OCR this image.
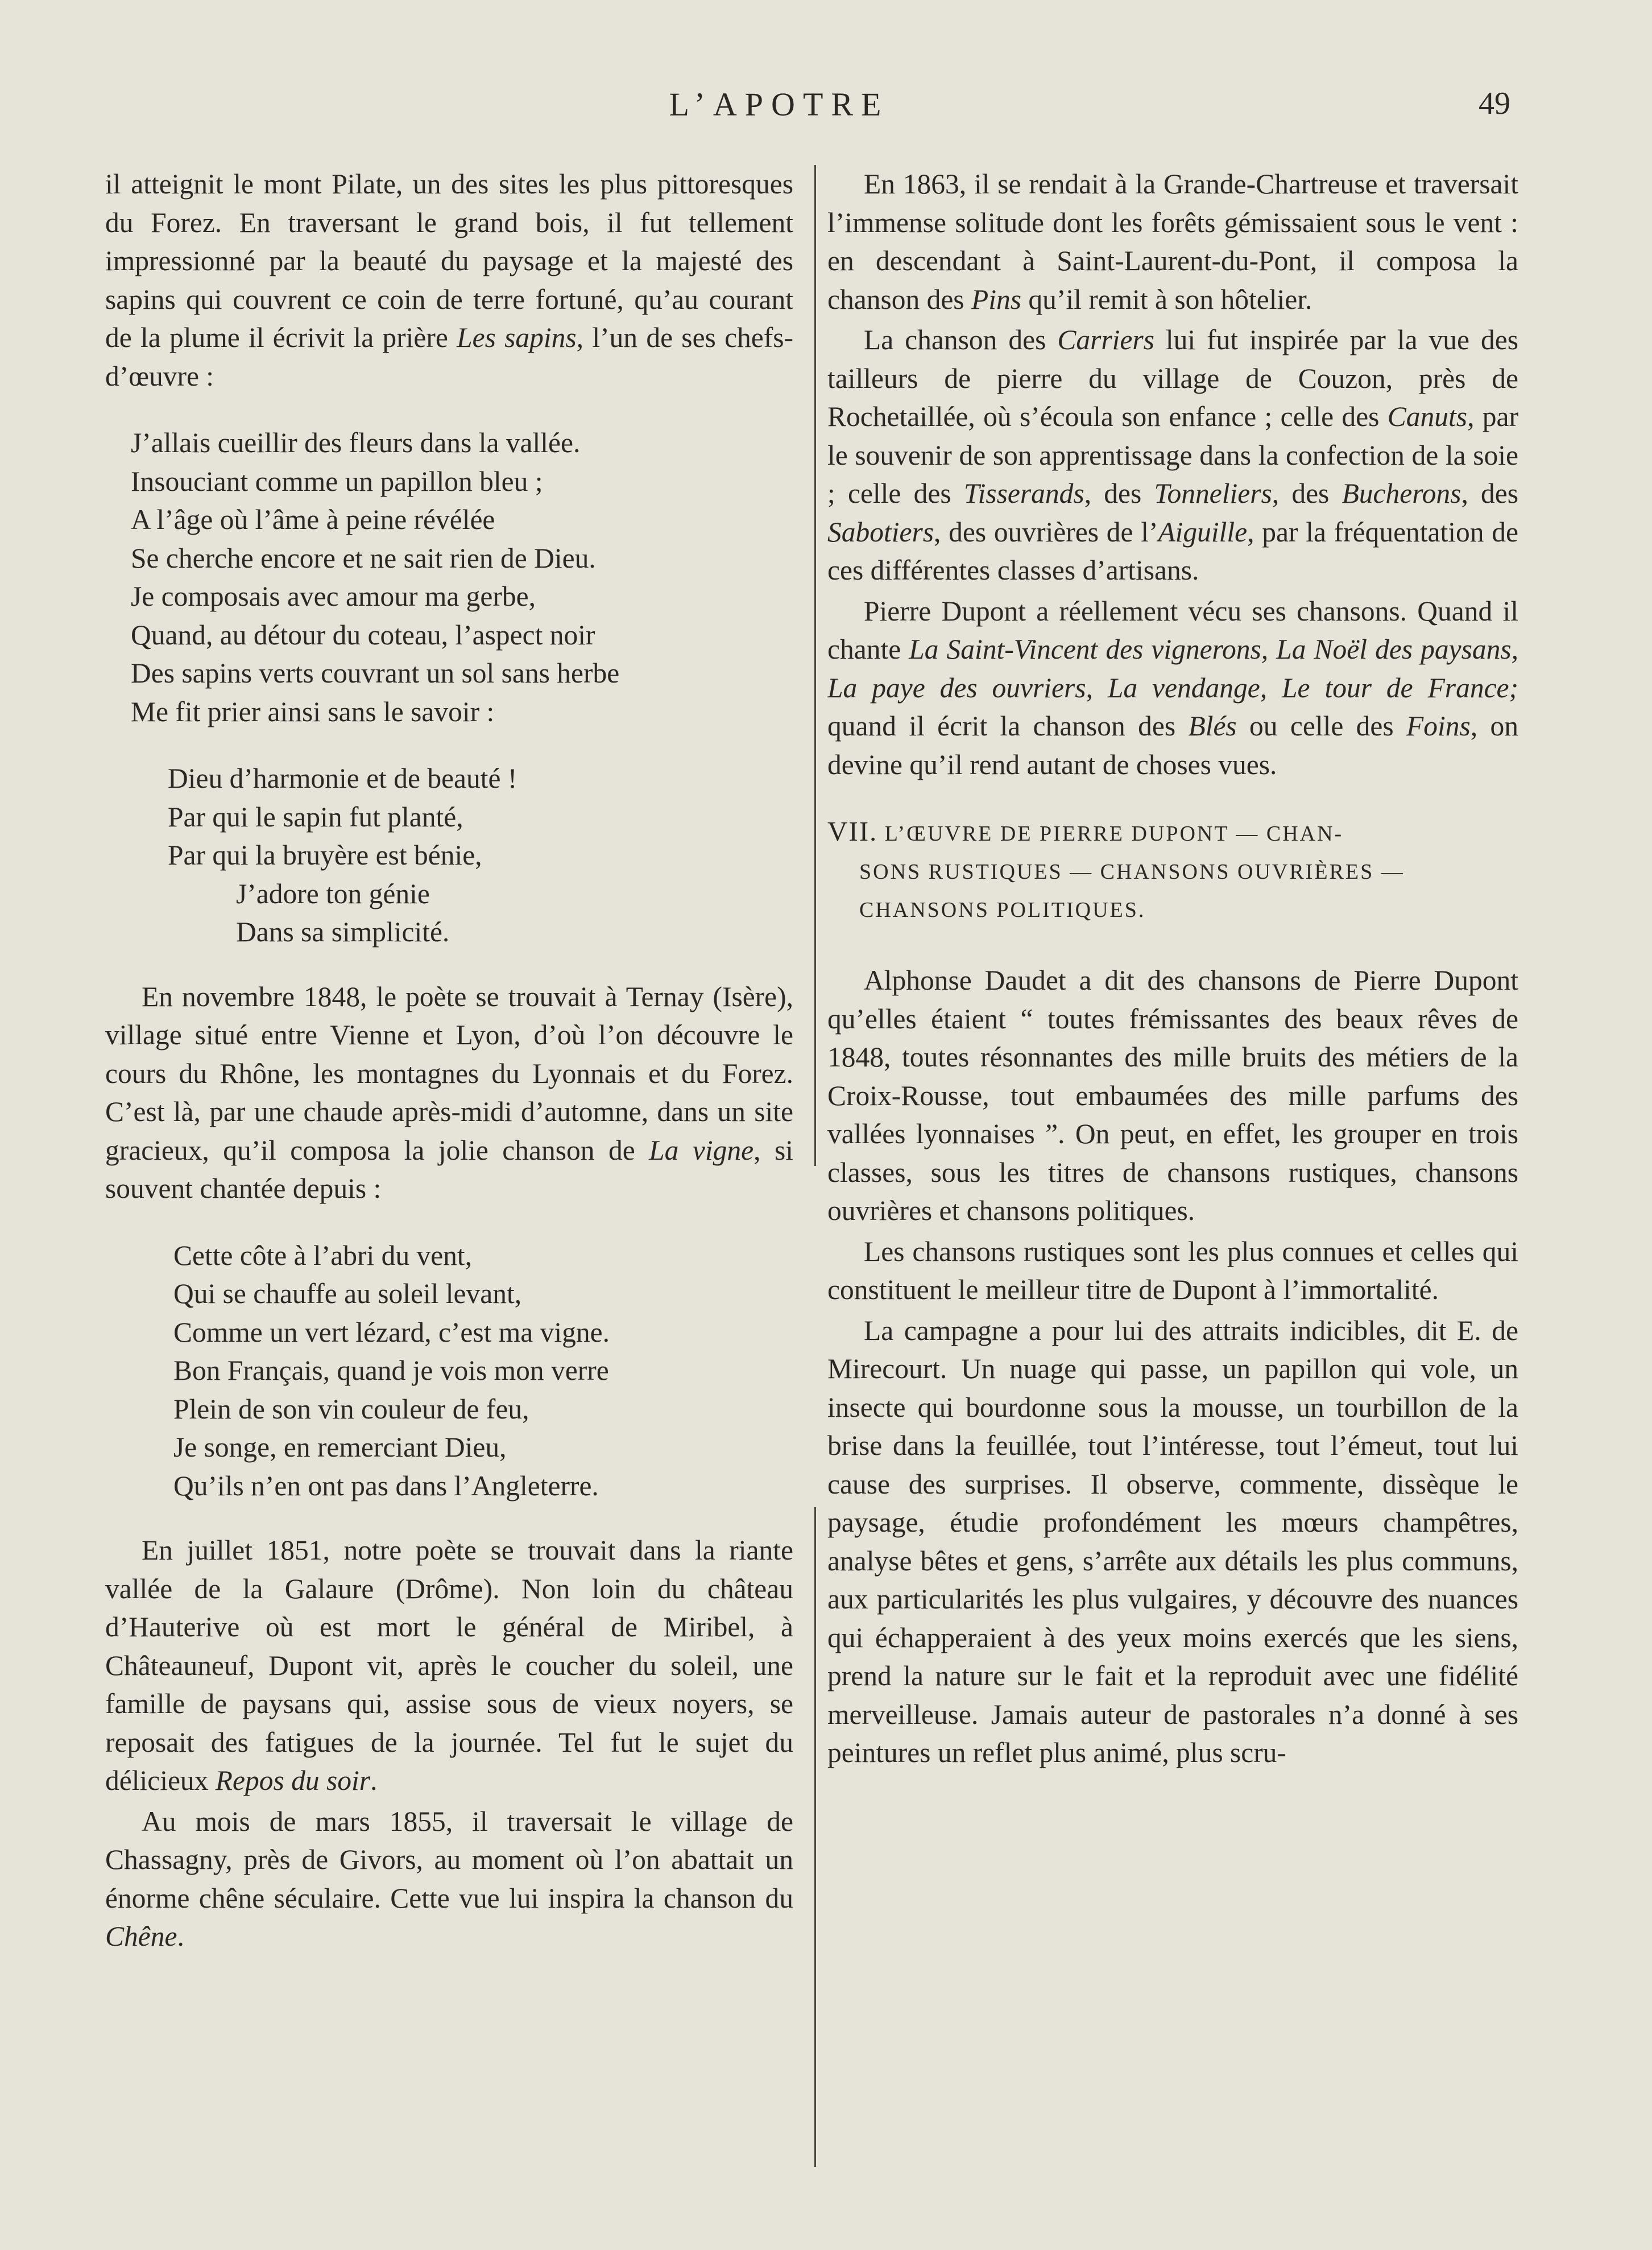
L’APOTRE	49

il atteignit le mont Pilate, un des sites les plus pittoresques du Forez. En traversant le grand bois, il fut tellement impressionné par la beauté du paysage et la majesté des sapins qui couvrent ce coin de terre fortuné, qu’au courant de la plume il écrivit la prière Les sapins, l’un de ses chefs-d’œuvre :

J’allais cueillir des fleurs dans la vallée.
Insouciant comme un papillon bleu ;
A l’âge où l’âme à peine révélée
Se cherche encore et ne sait rien de Dieu.
Je composais avec amour ma gerbe,
Quand, au détour du coteau, l’aspect noir
Des sapins verts couvrant un sol sans herbe
Me fit prier ainsi sans le savoir :
Dieu d’harmonie et de beauté !
Par qui le sapin fut planté,
Par qui la bruyère est bénie,
J’adore ton génie
Dans sa simplicité.

En novembre 1848, le poète se trouvait à Ternay (Isère), village situé entre Vienne et Lyon, d’où l’on découvre le cours du Rhône, les montagnes du Lyonnais et du Forez. C’est là, par une chaude après-midi d’automne, dans un site gracieux, qu’il composa la jolie chanson de La vigne, si souvent chantée depuis :

Cette côte à l’abri du vent,
Qui se chauffe au soleil levant,
Comme un vert lézard, c’est ma vigne.
Bon Français, quand je vois mon verre
Plein de son vin couleur de feu,
Je songe, en remerciant Dieu,
Qu’ils n’en ont pas dans l’Angleterre.

En juillet 1851, notre poète se trouvait dans la riante vallée de la Galaure (Drôme). Non loin du château d’Hauterive où est mort le général de Miribel, à Châteauneuf, Dupont vit, après le coucher du soleil, une famille de paysans qui, assise sous de vieux noyers, se reposait des fatigues de la journée. Tel fut le sujet du délicieux Repos du soir.

Au mois de mars 1855, il traversait le village de Chassagny, près de Givors, au moment où l’on abattait un énorme chêne séculaire. Cette vue lui inspira la chanson du Chêne.

En 1863, il se rendait à la Grande-Chartreuse et traversait l’immense solitude dont les forêts gémissaient sous le vent : en descendant à Saint-Laurent-du-Pont, il composa la chanson des Pins qu’il remit à son hôtelier.

La chanson des Carriers lui fut inspirée par la vue des tailleurs de pierre du village de Couzon, près de Rochetaillée, où s’écoula son enfance ; celle des Canuts, par le souvenir de son apprentissage dans la confection de la soie ; celle des Tisserands, des Tonneliers, des Bucherons, des Sabotiers, des ouvrières de l’Aiguille, par la fréquentation de ces différentes classes d’artisans.

Pierre Dupont a réellement vécu ses chansons. Quand il chante La Saint-Vincent des vignerons, La Noël des paysans, La paye des ouvriers, La vendange, Le tour de France; quand il écrit la chanson des Blés ou celle des Foins, on devine qu’il rend autant de choses vues.

VII. L’ŒUVRE DE PIERRE DUPONT — CHAN-
SONS RUSTIQUES — CHANSONS OUVRIÈRES —
CHANSONS POLITIQUES.

Alphonse Daudet a dit des chansons de Pierre Dupont qu’elles étaient “ toutes frémissantes des beaux rêves de 1848, toutes résonnantes des mille bruits des métiers de la Croix-Rousse, tout embaumées des mille parfums des vallées lyonnaises ”. On peut, en effet, les grouper en trois classes, sous les titres de chansons rustiques, chansons ouvrières et chansons politiques.

Les chansons rustiques sont les plus connues et celles qui constituent le meilleur titre de Dupont à l’immortalité.

La campagne a pour lui des attraits indicibles, dit E. de Mirecourt. Un nuage qui passe, un papillon qui vole, un insecte qui bourdonne sous la mousse, un tourbillon de la brise dans la feuillée, tout l’intéresse, tout l’émeut, tout lui cause des surprises. Il observe, commente, dissèque le paysage, étudie profondément les mœurs champêtres, analyse bêtes et gens, s’arrête aux détails les plus communs, aux particularités les plus vulgaires, y découvre des nuances qui échapperaient à des yeux moins exercés que les siens, prend la nature sur le fait et la reproduit avec une fidélité merveilleuse. Jamais auteur de pastorales n’a donné à ses peintures un reflet plus animé, plus scru-
